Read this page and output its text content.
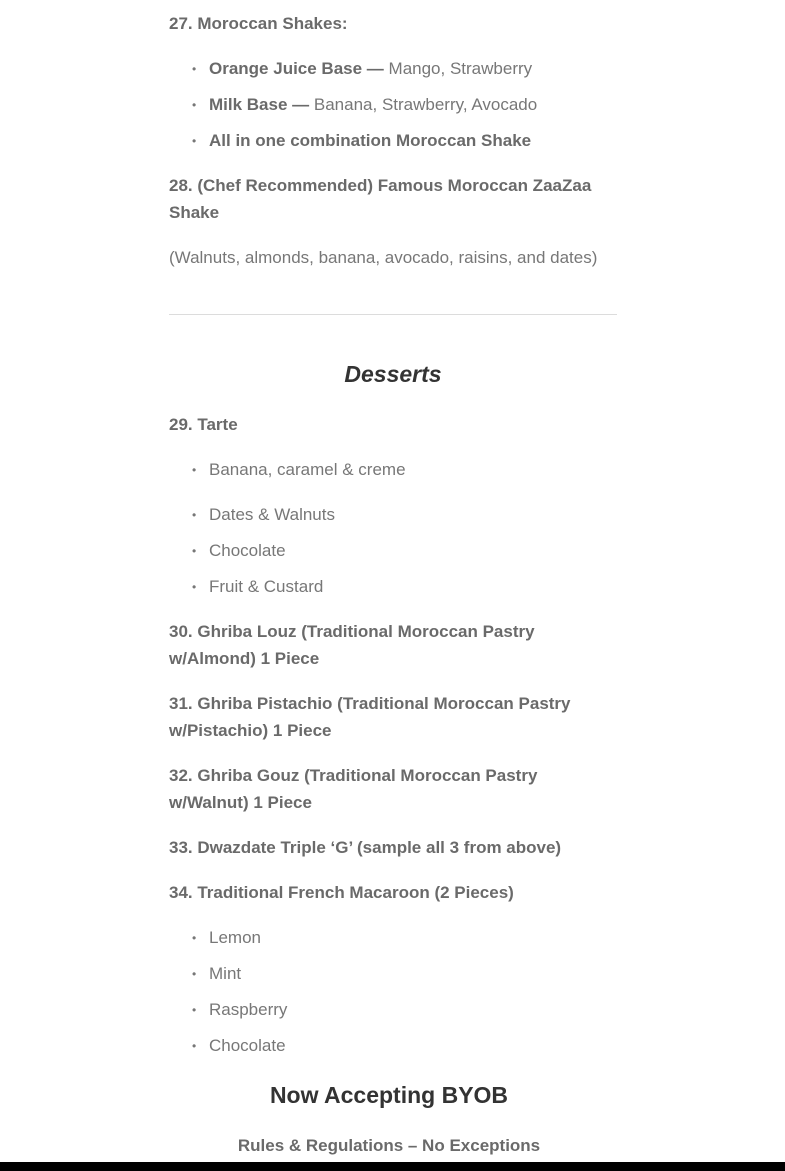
27. Moroccan Shakes:

• Orange Juice Base — Mango, Strawberry
• Milk Base — Banana, Strawberry, Avocado
• All in one combination Moroccan Shake

28. (Chef Recommended) Famous Moroccan ZaaZaa Shake

(Walnuts, almonds, banana, avocado, raisins, and dates)

Desserts

29. Tarte

• Banana, caramel & creme
• Dates & Walnuts
• Chocolate
• Fruit & Custard

30. Ghriba Louz (Traditional Moroccan Pastry w/Almond) 1 Piece

31. Ghriba Pistachio (Traditional Moroccan Pastry w/Pistachio) 1 Piece

32. Ghriba Gouz (Traditional Moroccan Pastry w/Walnut) 1 Piece

33. Dwazdate Triple ‘G’ (sample all 3 from above)

34. Traditional French Macaroon (2 Pieces)

• Lemon
• Mint
• Raspberry
• Chocolate

Now Accepting BYOB

Rules & Regulations – No Exceptions
